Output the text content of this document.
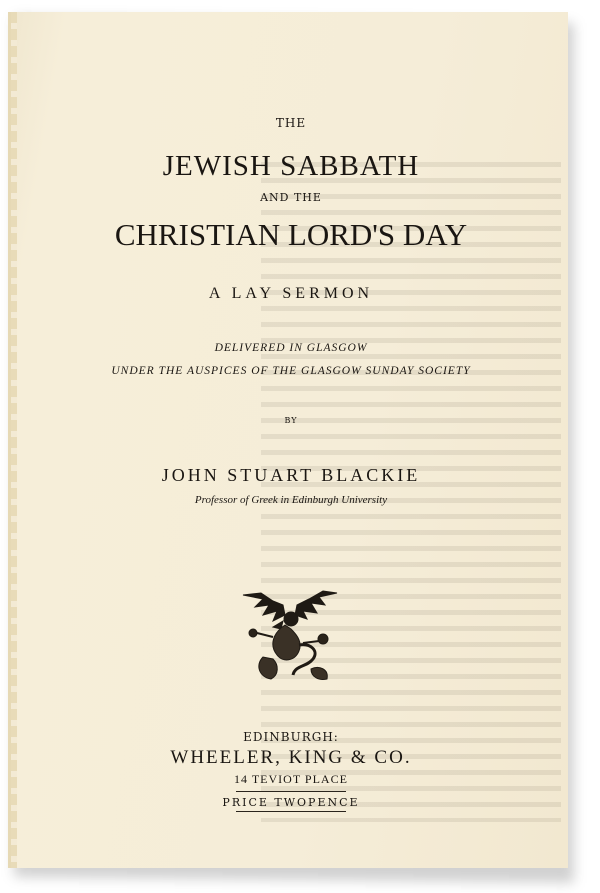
THE
JEWISH SABBATH
AND THE
CHRISTIAN LORD'S DAY
A LAY SERMON
DELIVERED IN GLASGOW
UNDER THE AUSPICES OF THE GLASGOW SUNDAY SOCIETY
BY
JOHN STUART BLACKIE
Professor of Greek in Edinburgh University
EDINBURGH:
WHEELER, KING & CO.
14 TEVIOT PLACE
PRICE TWOPENCE
